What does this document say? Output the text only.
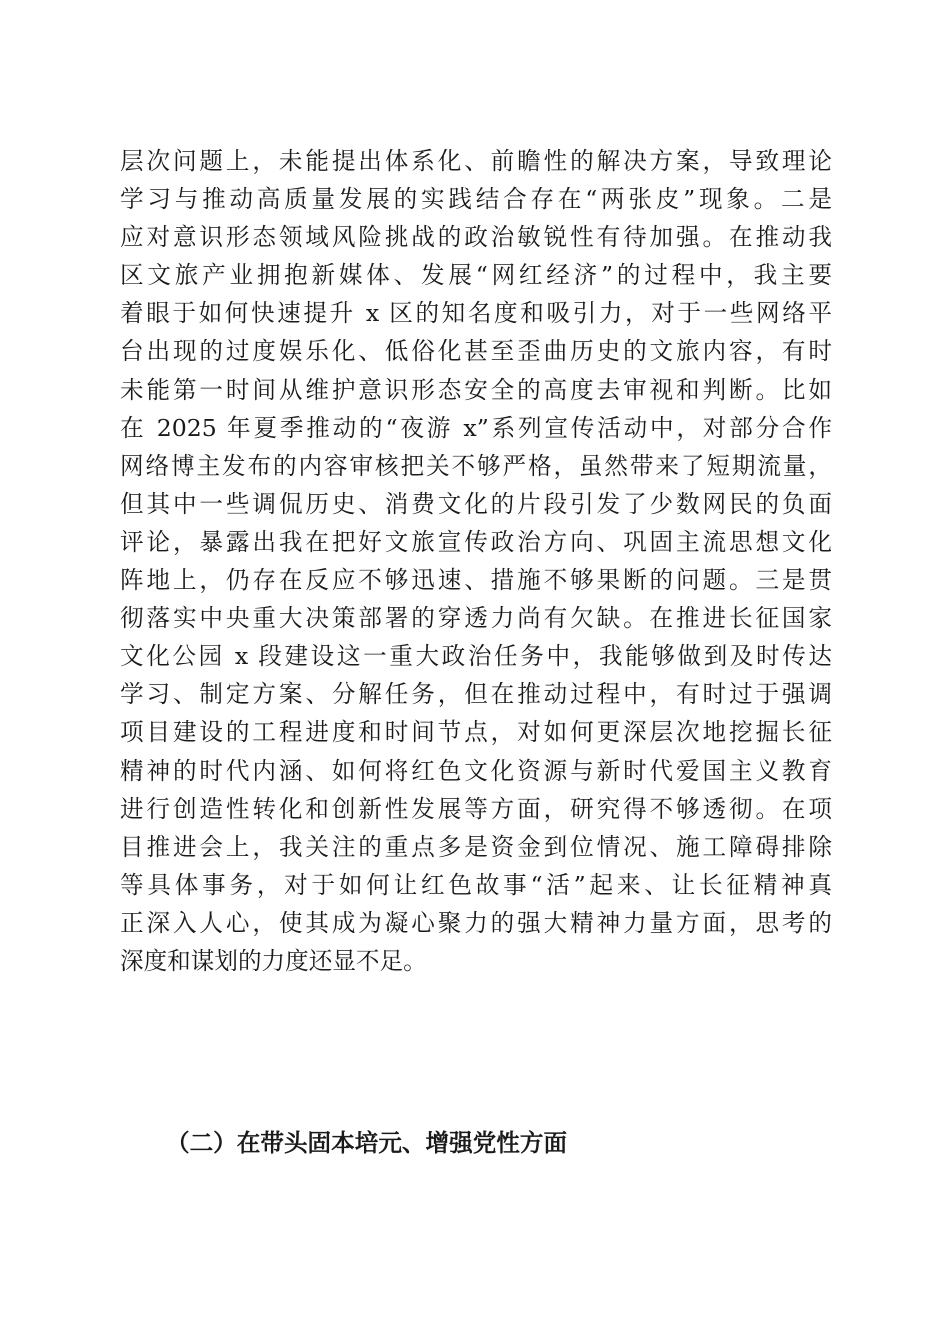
层次问题上，未能提出体系化、前瞻性的解决方案，导致理论
学习与推动高质量发展的实践结合存在“两张皮”现象。二是
应对意识形态领域风险挑战的政治敏锐性有待加强。在推动我
区文旅产业拥抱新媒体、发展“网红经济”的过程中，我主要
着眼于如何快速提升 x 区的知名度和吸引力，对于一些网络平
台出现的过度娱乐化、低俗化甚至歪曲历史的文旅内容，有时
未能第一时间从维护意识形态安全的高度去审视和判断。比如
在 2025 年夏季推动的“夜游 x”系列宣传活动中，对部分合作
网络博主发布的内容审核把关不够严格，虽然带来了短期流量，
但其中一些调侃历史、消费文化的片段引发了少数网民的负面
评论，暴露出我在把好文旅宣传政治方向、巩固主流思想文化
阵地上，仍存在反应不够迅速、措施不够果断的问题。三是贯
彻落实中央重大决策部署的穿透力尚有欠缺。在推进长征国家
文化公园 x 段建设这一重大政治任务中，我能够做到及时传达
学习、制定方案、分解任务，但在推动过程中，有时过于强调
项目建设的工程进度和时间节点，对如何更深层次地挖掘长征
精神的时代内涵、如何将红色文化资源与新时代爱国主义教育
进行创造性转化和创新性发展等方面，研究得不够透彻。在项
目推进会上，我关注的重点多是资金到位情况、施工障碍排除
等具体事务，对于如何让红色故事“活”起来、让长征精神真
正深入人心，使其成为凝心聚力的强大精神力量方面，思考的
深度和谋划的力度还显不足。

（二）在带头固本培元、增强党性方面
